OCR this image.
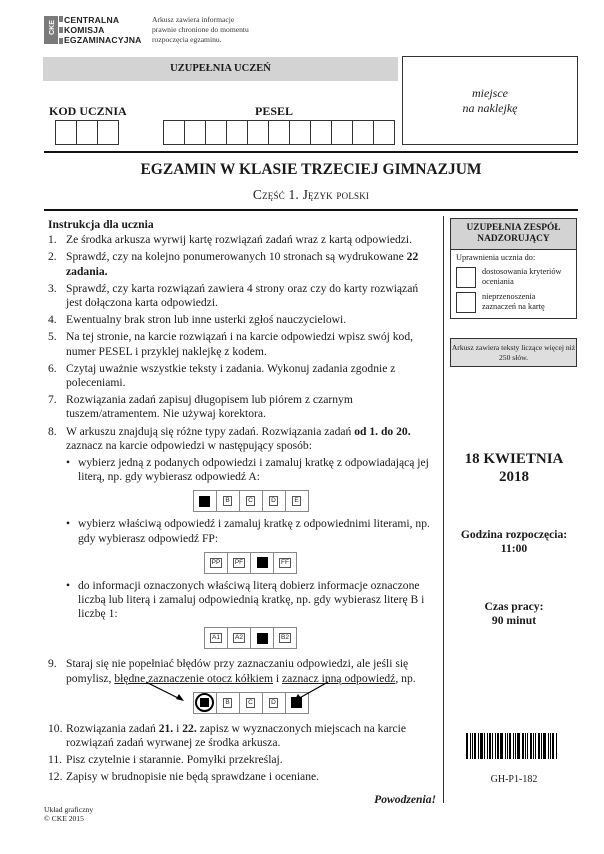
CKE
CENTRALNA
KOMISJA
EGZAMINACYJNA
Arkusz zawiera informacje
prawnie chronione do momentu
rozpoczęcia egzaminu.
UZUPEŁNIA UCZEŃ
miejsce
na naklejkę
KOD UCZNIA	PESEL
EGZAMIN W KLASIE TRZECIEJ GIMNAZJUM
Część 1. Język polski
Instrukcja dla ucznia
1. Ze środka arkusza wyrwij kartę rozwiązań zadań wraz z kartą odpowiedzi.
2. Sprawdź, czy na kolejno ponumerowanych 10 stronach są wydrukowane 22 zadania.
3. Sprawdź, czy karta rozwiązań zawiera 4 strony oraz czy do karty rozwiązań jest dołączona karta odpowiedzi.
4. Ewentualny brak stron lub inne usterki zgłoś nauczycielowi.
5. Na tej stronie, na karcie rozwiązań i na karcie odpowiedzi wpisz swój kod, numer PESEL i przyklej naklejkę z kodem.
6. Czytaj uważnie wszystkie teksty i zadania. Wykonuj zadania zgodnie z poleceniami.
7. Rozwiązania zadań zapisuj długopisem lub piórem z czarnym tuszem/atramentem. Nie używaj korektora.
8. W arkuszu znajdują się różne typy zadań. Rozwiązania zadań od 1. do 20. zaznacz na karcie odpowiedzi w następujący sposób:
• wybierz jedną z podanych odpowiedzi i zamaluj kratkę z odpowiadającą jej literą, np. gdy wybierasz odpowiedź A:
B	C	D	E
• wybierz właściwą odpowiedź i zamaluj kratkę z odpowiednimi literami, np. gdy wybierasz odpowiedź FP:
PP	PF	FF
• do informacji oznaczonych właściwą literą dobierz informacje oznaczone liczbą lub literą i zamaluj odpowiednią kratkę, np. gdy wybierasz literę B i liczbę 1:
A1	A2	B2
9. Staraj się nie popełniać błędów przy zaznaczaniu odpowiedzi, ale jeśli się pomylisz, błędne zaznaczenie otocz kółkiem i zaznacz inną odpowiedź, np.
B	C	D
10. Rozwiązania zadań 21. i 22. zapisz w wyznaczonych miejscach na karcie rozwiązań zadań wyrwanej ze środka arkusza.
11. Pisz czytelnie i starannie. Pomyłki przekreślaj.
12. Zapisy w brudnopisie nie będą sprawdzane i oceniane.
Powodzenia!
UZUPEŁNIA ZESPÓŁ NADZORUJĄCY
Uprawnienia ucznia do:
dostosowania kryteriów oceniania
nieprzenoszenia zaznaczeń na kartę
Arkusz zawiera teksty liczące więcej niż 250 słów.
18 KWIETNIA
2018
Godzina rozpoczęcia:
11:00
Czas pracy:
90 minut
GH-P1-182
Układ graficzny
© CKE 2015
